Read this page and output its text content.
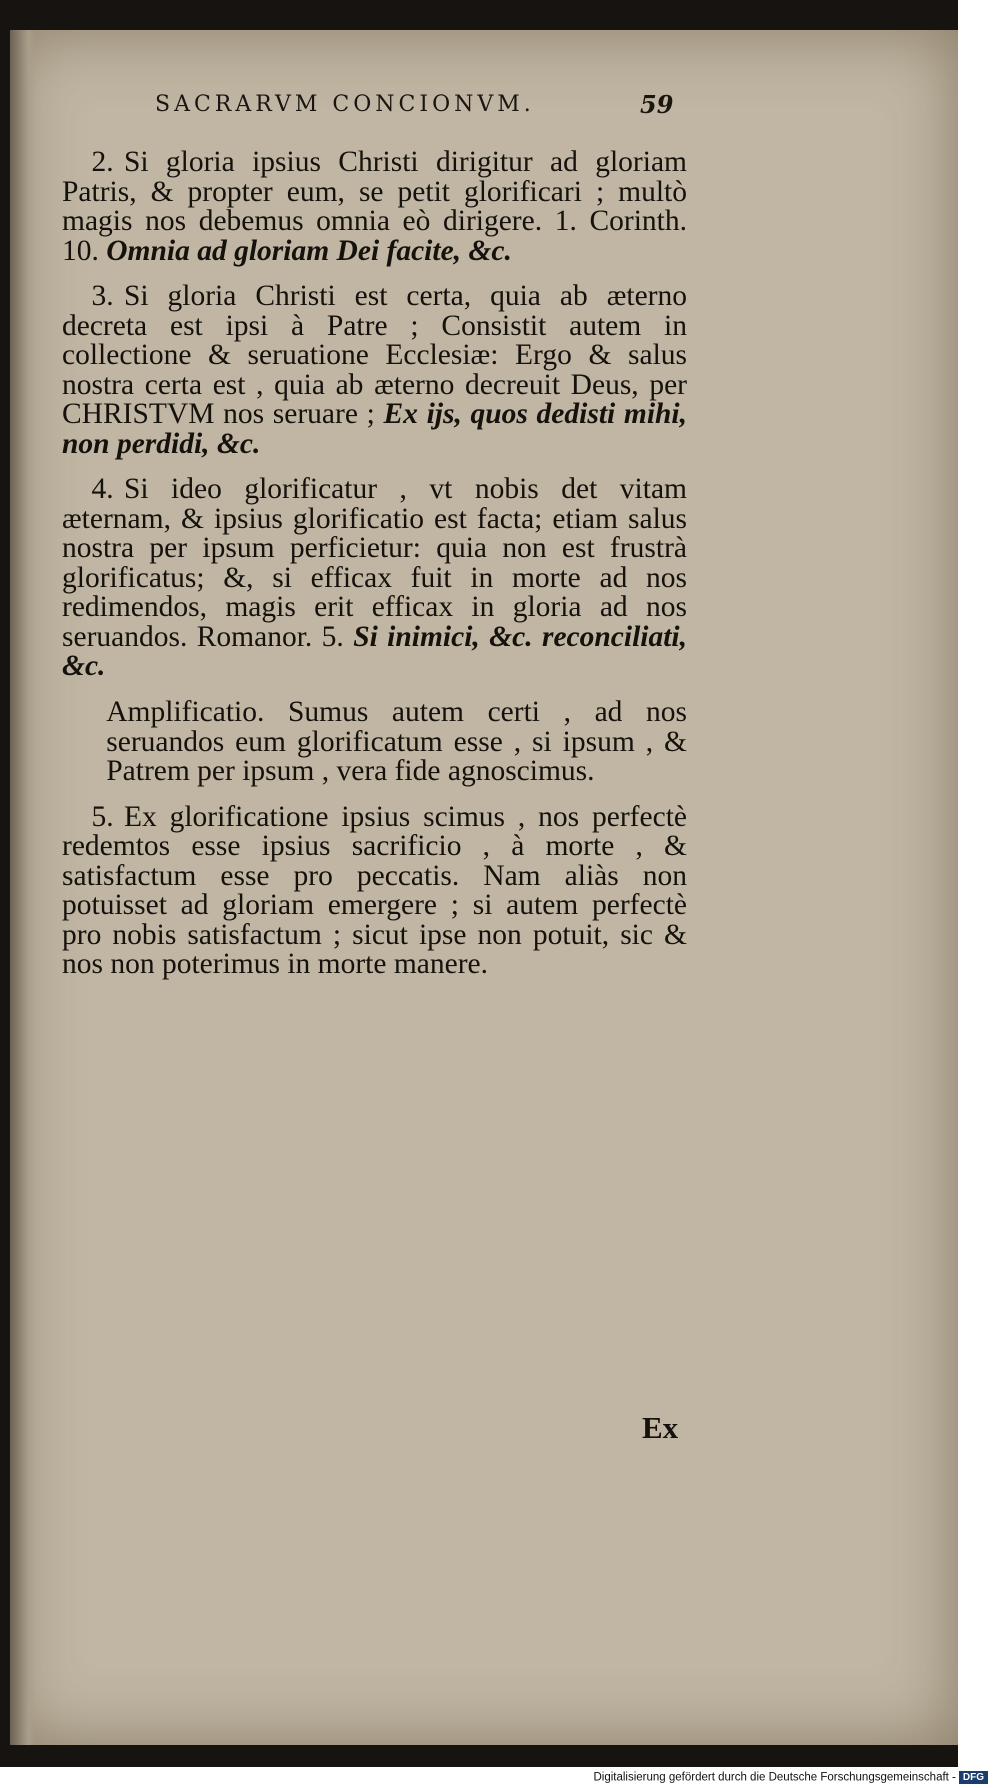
SACRARVM CONCIONVM.	59

2. Si gloria ipsius Christi dirigitur ad gloriam Patris, & propter eum, se petit glorificari ; multò magis nos debemus omnia eò dirigere. 1. Corinth. 10. Omnia ad gloriam Dei facite, &c.

3. Si gloria Christi est certa, quia ab æterno decreta est ipsi à Patre ; Consistit autem in collectione & seruatione Ecclesiæ: Ergo & salus nostra certa est , quia ab æterno decreuit Deus, per CHRISTVM nos seruare ; Ex ijs, quos dedisti mihi, non perdidi, &c.

4. Si ideo glorificatur , vt nobis det vitam æternam, & ipsius glorificatio est facta; etiam salus nostra per ipsum perficietur: quia non est frustrà glorificatus; &, si efficax fuit in morte ad nos redimendos, magis erit efficax in gloria ad nos seruandos. Romanor. 5. Si inimici, &c. reconciliati, &c.

Amplificatio. Sumus autem certi , ad nos seruandos eum glorificatum esse , si ipsum , & Patrem per ipsum , vera fide agnoscimus.

5. Ex glorificatione ipsius scimus , nos perfectè redemtos esse ipsius sacrificio , à morte , & satisfactum esse pro peccatis. Nam aliàs non potuisset ad gloriam emergere ; si autem perfectè pro nobis satisfactum ; sicut ipse non potuit, sic & nos non poterimus in morte manere.

Ex
Digitalisierung gefördert durch die Deutsche Forschungsgemeinschaft - DFG
